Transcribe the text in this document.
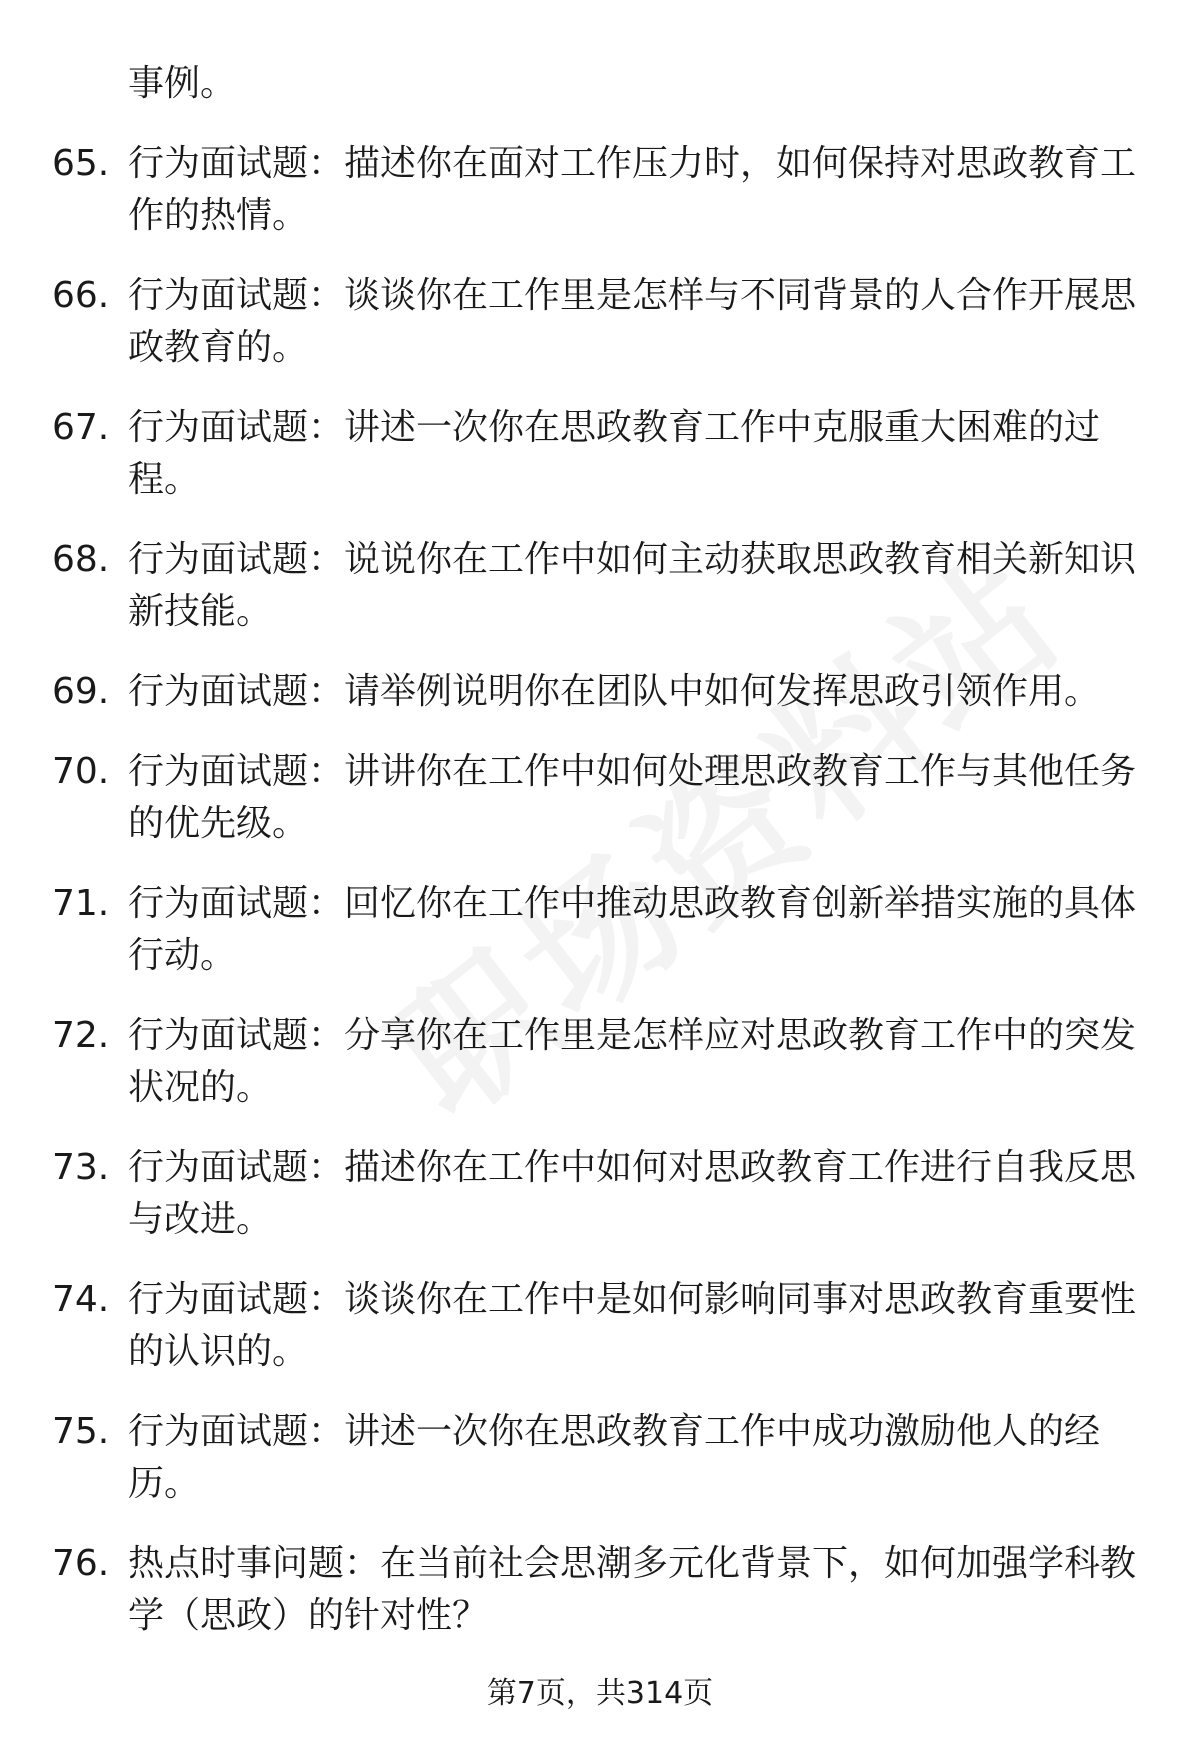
事例。
65. 行为面试题：描述你在面对工作压力时，如何保持对思政教育工作的热情。
66. 行为面试题：谈谈你在工作里是怎样与不同背景的人合作开展思政教育的。
67. 行为面试题：讲述一次你在思政教育工作中克服重大困难的过程。
68. 行为面试题：说说你在工作中如何主动获取思政教育相关新知识新技能。
69. 行为面试题：请举例说明你在团队中如何发挥思政引领作用。
70. 行为面试题：讲讲你在工作中如何处理思政教育工作与其他任务的优先级。
71. 行为面试题：回忆你在工作中推动思政教育创新举措实施的具体行动。
72. 行为面试题：分享你在工作里是怎样应对思政教育工作中的突发状况的。
73. 行为面试题：描述你在工作中如何对思政教育工作进行自我反思与改进。
74. 行为面试题：谈谈你在工作中是如何影响同事对思政教育重要性的认识的。
75. 行为面试题：讲述一次你在思政教育工作中成功激励他人的经历。
76. 热点时事问题：在当前社会思潮多元化背景下，如何加强学科教学（思政）的针对性？
第7页，共314页
